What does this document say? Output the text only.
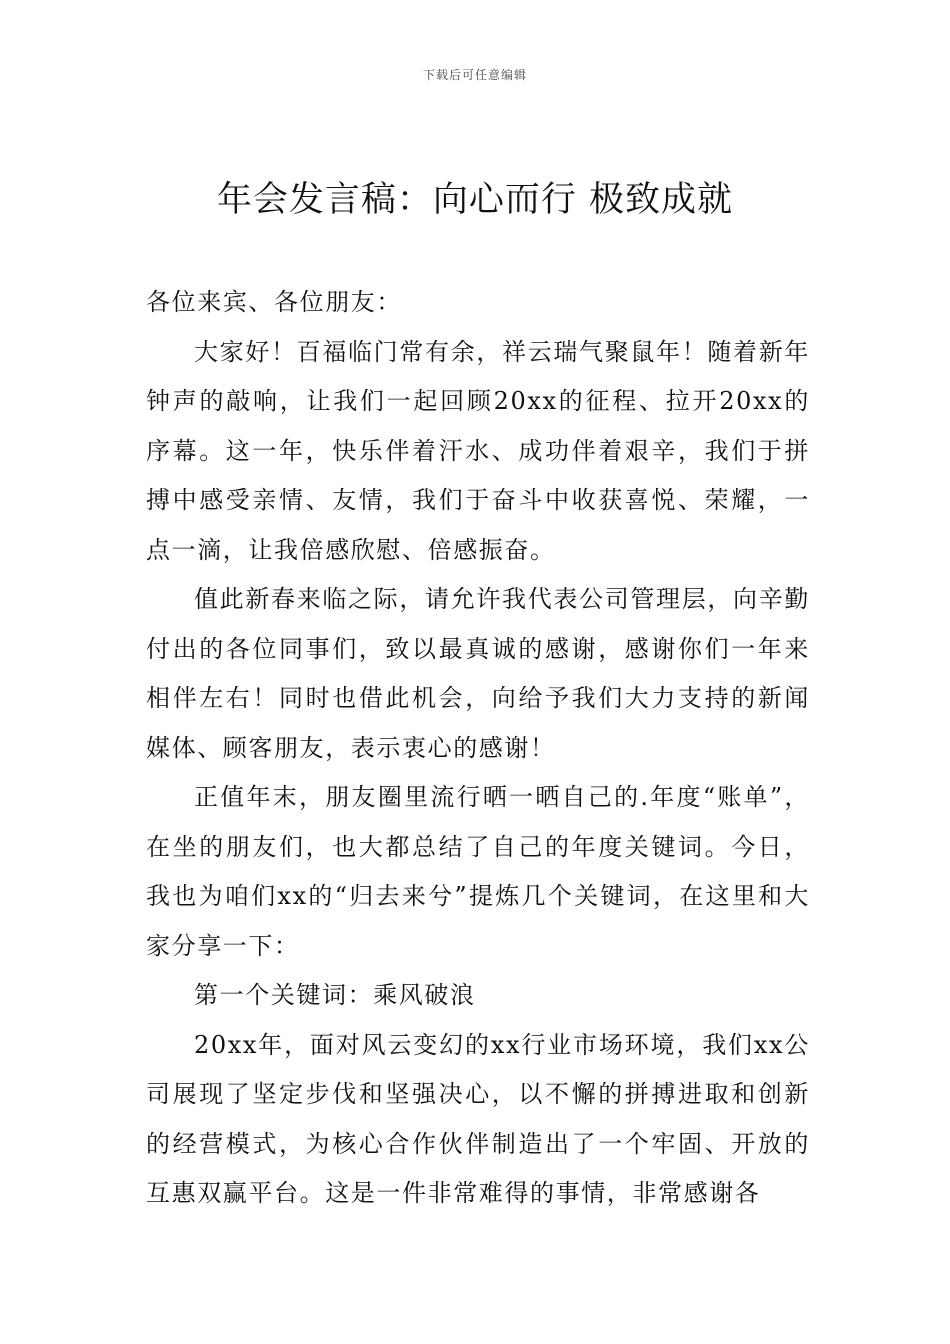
下载后可任意编辑
年会发言稿：向心而行 极致成就

各位来宾、各位朋友：

大家好！百福临门常有余，祥云瑞气聚鼠年！随着新年钟声的敲响，让我们一起回顾20xx的征程、拉开20xx的序幕。这一年，快乐伴着汗水、成功伴着艰辛，我们于拼搏中感受亲情、友情，我们于奋斗中收获喜悦、荣耀，一点一滴，让我倍感欣慰、倍感振奋。

值此新春来临之际，请允许我代表公司管理层，向辛勤付出的各位同事们，致以最真诚的感谢，感谢你们一年来相伴左右！同时也借此机会，向给予我们大力支持的新闻媒体、顾客朋友，表示衷心的感谢！

正值年末，朋友圈里流行晒一晒自己的.年度“账单”，在坐的朋友们，也大都总结了自己的年度关键词。今日，我也为咱们xx的“归去来兮”提炼几个关键词，在这里和大家分享一下：

第一个关键词：乘风破浪

20xx年，面对风云变幻的xx行业市场环境，我们xx公司展现了坚定步伐和坚强决心，以不懈的拼搏进取和创新的经营模式，为核心合作伙伴制造出了一个牢固、开放的互惠双赢平台。这是一件非常难得的事情，非常感谢各
